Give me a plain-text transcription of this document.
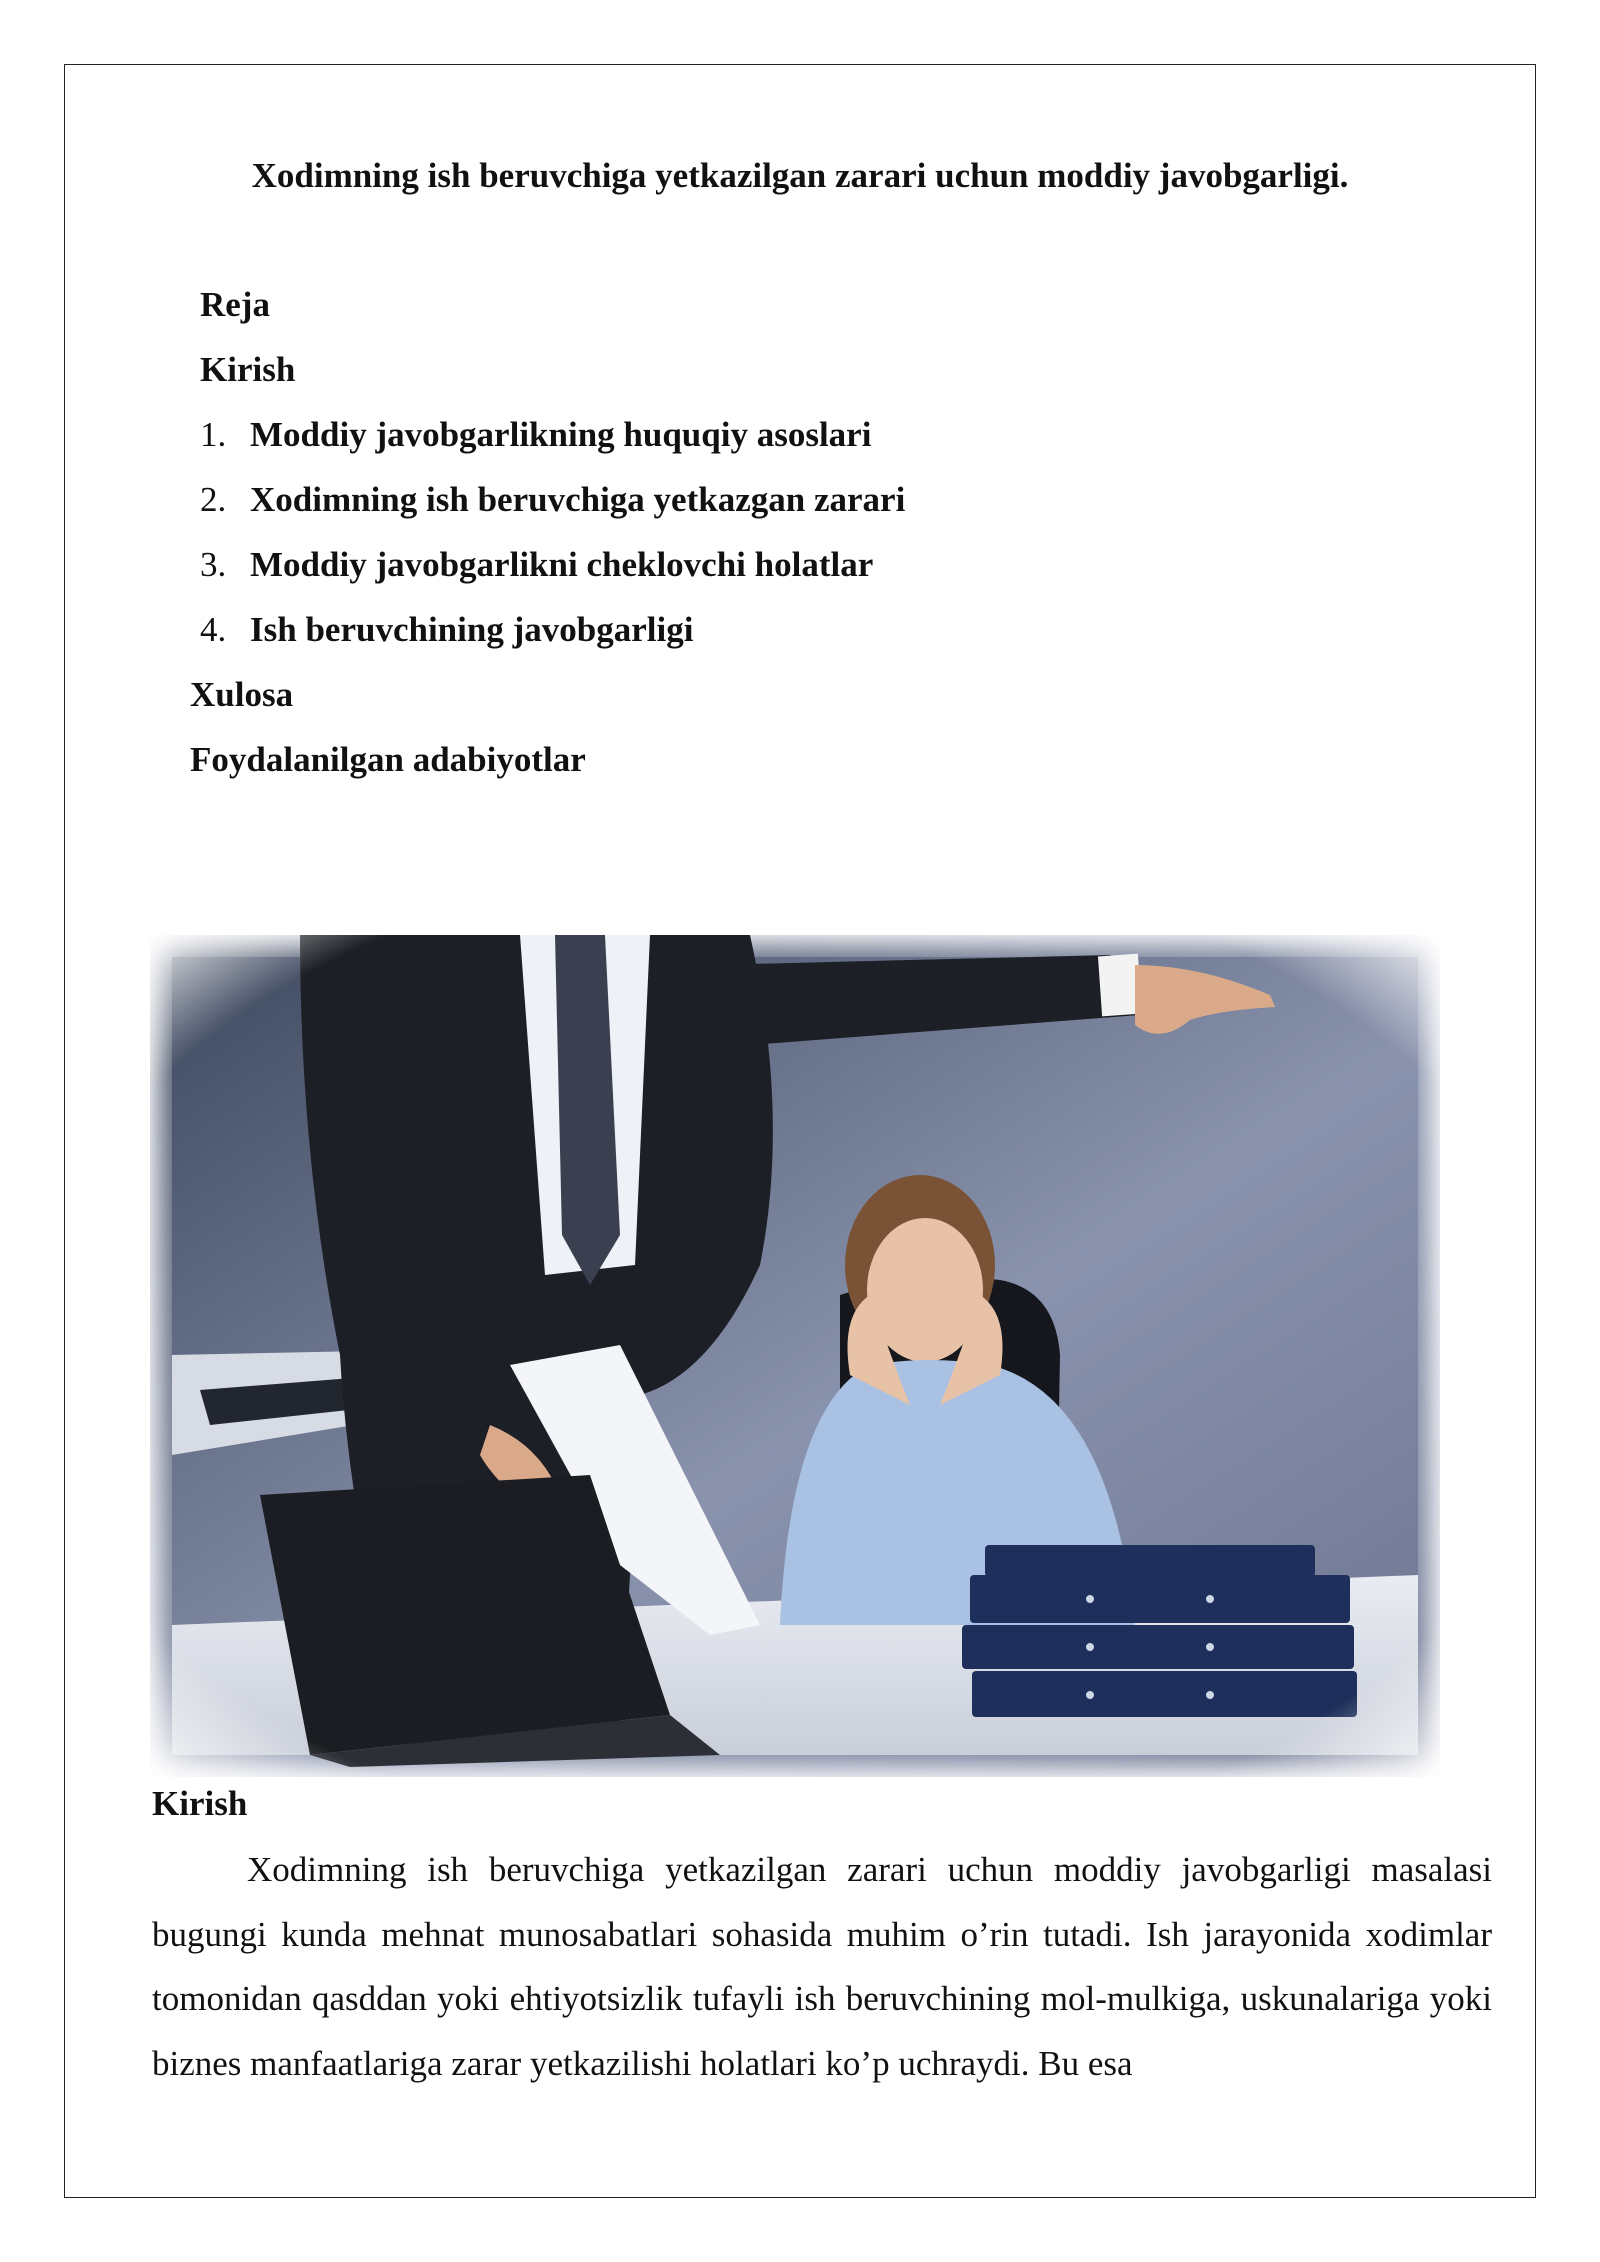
Xodimning ish beruvchiga yetkazilgan zarari uchun moddiy javobgarligi.
Reja
Kirish
1. Moddiy javobgarlikning huquqiy asoslari
2. Xodimning ish beruvchiga yetkazgan zarari
3. Moddiy javobgarlikni cheklovchi holatlar
4. Ish beruvchining javobgarligi
Xulosa
Foydalanilgan adabiyotlar
Kirish

Xodimning ish beruvchiga yetkazilgan zarari uchun moddiy javobgarligi masalasi bugungi kunda mehnat munosabatlari sohasida muhim o’rin tutadi. Ish jarayonida xodimlar tomonidan qasddan yoki ehtiyotsizlik tufayli ish beruvchining mol-mulkiga, uskunalariga yoki biznes manfaatlariga zarar yetkazilishi holatlari ko’p uchraydi. Bu esa
